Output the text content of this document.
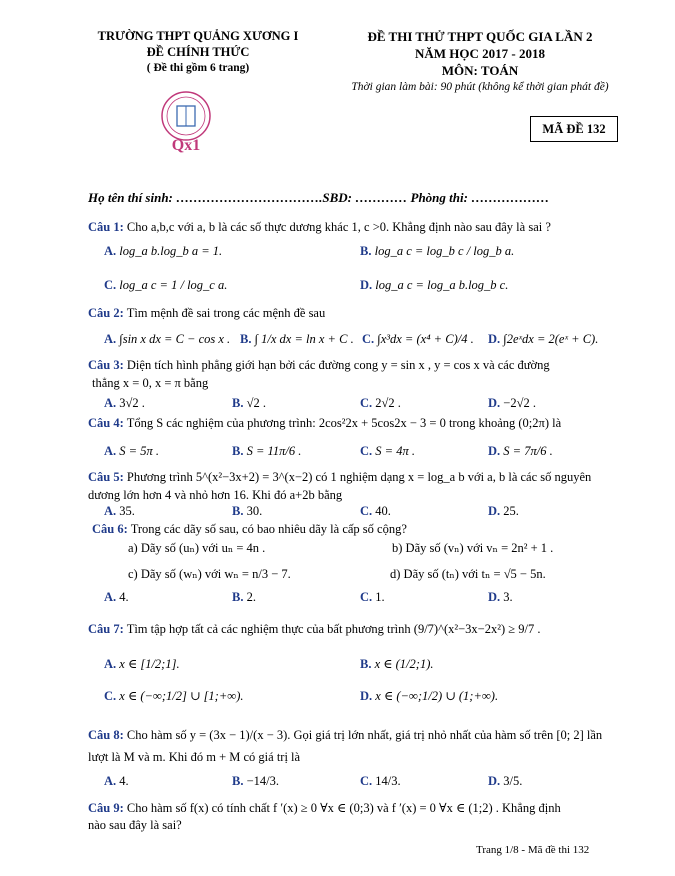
TRƯỜNG THPT QUẢNG XƯƠNG I
ĐỀ CHÍNH THỨC
( Đề thi gồm 6 trang)
Qx1
ĐỀ THI THỬ THPT QUỐC GIA LẦN 2
NĂM HỌC 2017 - 2018
MÔN: TOÁN
Thời gian làm bài: 90 phút (không kể thời gian phát đề)
MÃ ĐỀ 132
Họ tên thí sinh: …………………………….SBD: ………… Phòng thi: ………………
Câu 1: Cho a,b,c với a, b là các số thực dương khác 1, c >0. Khẳng định nào sau đây là sai ?
A. log_a b.log_b a = 1.	B. log_a c = log_b c / log_b a.
C. log_a c = 1 / log_c a.	D. log_a c = log_a b.log_b c.
Câu 2: Tìm mệnh đề sai trong các mệnh đề sau
A. ∫sin x dx = C − cos x . B. ∫ 1/x dx = ln x + C . C. ∫x³dx = (x⁴ + C)/4 . D. ∫2eˣdx = 2(eˣ + C).
Câu 3: Diện tích hình phẳng giới hạn bởi các đường cong y = sin x , y = cos x và các đường
thẳng x = 0, x = π bằng
A. 3√2 .	B. √2 .	C. 2√2 .	D. −2√2 .
Câu 4: Tổng S các nghiệm của phương trình: 2cos²2x + 5cos2x − 3 = 0 trong khoảng (0;2π) là
A. S = 5π .	B. S = 11π/6 .	C. S = 4π .	D. S = 7π/6 .
Câu 5: Phương trình 5^(x²−3x+2) = 3^(x−2) có 1 nghiệm dạng x = log_a b với a, b là các số nguyên
dương lớn hơn 4 và nhỏ hơn 16. Khi đó a+2b bằng
A. 35.	B. 30.	C. 40.	D. 25.
Câu 6: Trong các dãy số sau, có bao nhiêu dãy là cấp số cộng?
a) Dãy số (uₙ) với uₙ = 4n .	b) Dãy số (vₙ) với vₙ = 2n² + 1 .
c) Dãy số (wₙ) với wₙ = n/3 − 7.	d) Dãy số (tₙ) với tₙ = √5 − 5n.
A. 4.	B. 2.	C. 1.	D. 3.
Câu 7: Tìm tập hợp tất cả các nghiệm thực của bất phương trình (9/7)^(x²−3x−2x²) ≥ 9/7 .
A. x ∈ [1/2;1].	B. x ∈ (1/2;1).
C. x ∈ (−∞;1/2] ∪ [1;+∞).	D. x ∈ (−∞;1/2) ∪ (1;+∞).
Câu 8: Cho hàm số y = (3x − 1)/(x − 3). Gọi giá trị lớn nhất, giá trị nhỏ nhất của hàm số trên [0; 2] lần
lượt là M và m. Khi đó m + M có giá trị là
A. 4.	B. −14/3.	C. 14/3.	D. 3/5.
Câu 9: Cho hàm số f(x) có tính chất f ′(x) ≥ 0 ∀x ∈ (0;3) và f ′(x) = 0 ∀x ∈ (1;2) . Khẳng định
nào sau đây là sai?
Trang 1/8 - Mã đề thi 132
